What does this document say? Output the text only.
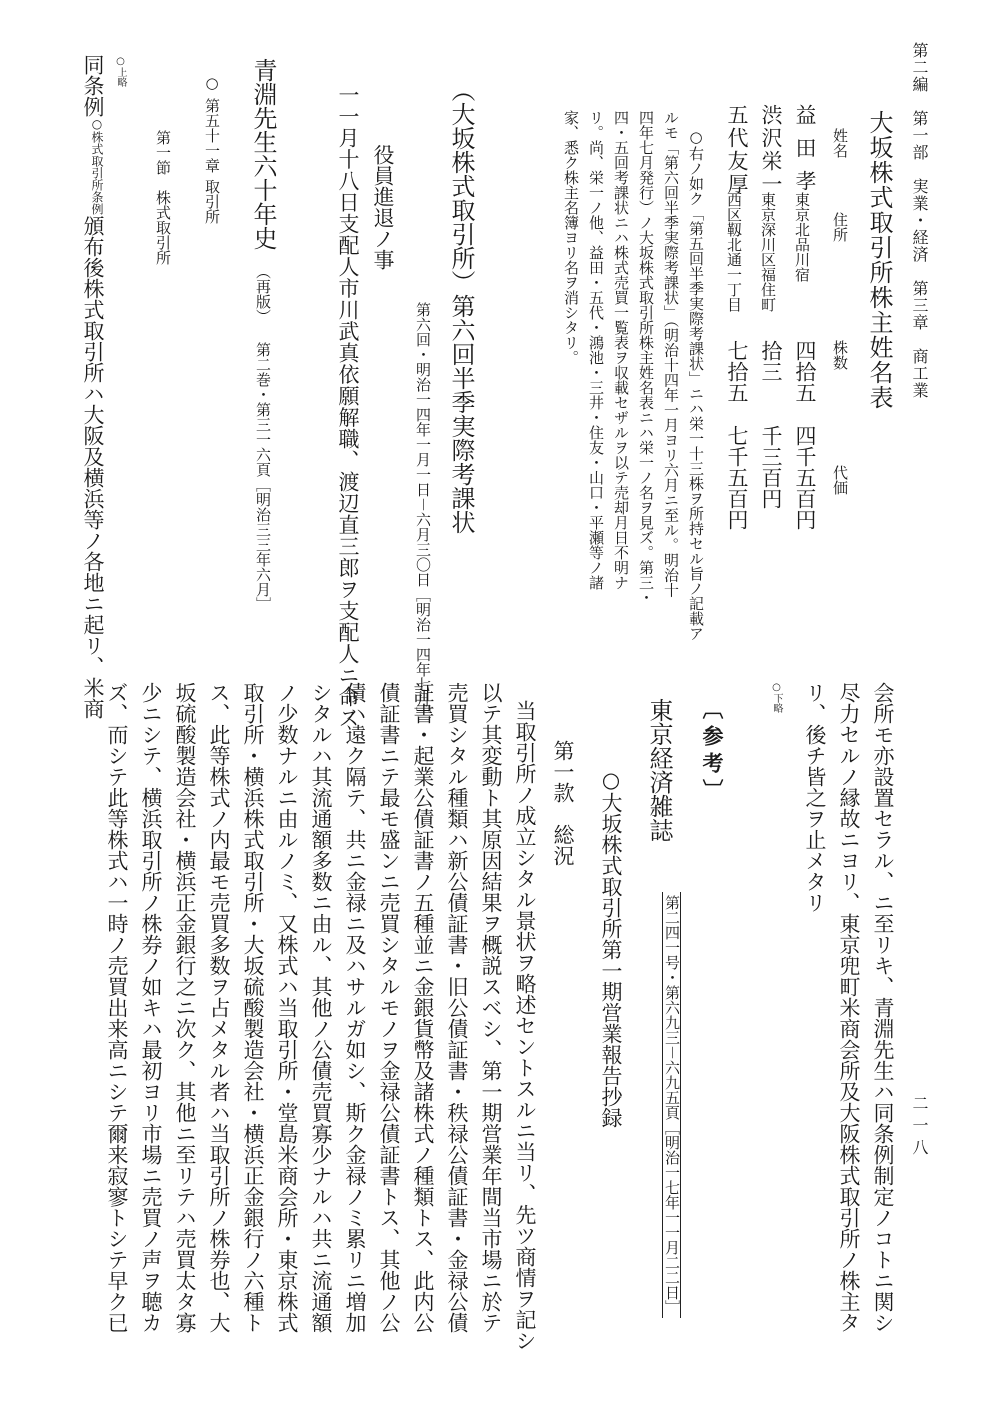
第二編　第一部　実業・経済　第三章　商工業
二一八
大坂株式取引所株主姓名表
姓名
住所
株数
代価
益田孝
東京北品川宿
四拾五
四千五百円
渋沢栄一
東京深川区福住町
拾三
千三百円
五代友厚
西区靱北通一丁目
七拾五
七千五百円
○右ノ如ク「第五回半季実際考課状」ニハ栄一十三株ヲ所持セル旨ノ記載ア
ルモ「第六回半季実際考課状」（明治十四年一月ヨリ六月ニ至ル。明治十
四年七月発行）ノ大坂株式取引所株主姓名表ニハ栄一ノ名ヲ見ズ。第三・
四・五回考課状ニハ株式売買一覧表ヲ収載セザルヲ以テ売却月日不明ナ
リ。尚、栄一ノ他、益田・五代・鴻池・三井・住友・山口・平瀬等ノ諸
家、悉ク株主名簿ヨリ名ヲ消シタリ。
（大坂株式取引所）第六回半季実際考課状
第六回・明治一四年一月一日－六月三〇日［明治一四年七月］
役員進退ノ事
一一月十八日支配人市川武真依願解職、渡辺直三郎ヲ支配人ニ命ス
青淵先生六十年史（再版）第二巻・第三一六頁［明治三三年六月］
○第五十一章取引所
第一節　株式取引所
○上略
同条例○株式取引所条例頒布後株式取引所ハ大阪及横浜等ノ各地ニ起リ、米商
会所モ亦設置セラル、ニ至リキ、青淵先生ハ同条例制定ノコトニ関シ
尽力セルノ縁故ニヨリ、東京兜町米商会所及大阪株式取引所ノ株主タ
リ、後チ皆之ヲ止メタリ
○下略
〔参考〕
東京経済雑誌
第二四一号・第六九三－六九五頁［明治一七年一一月二二日］
○大坂株式取引所第一期営業報告抄録
第一款　総況
当取引所ノ成立シタル景状ヲ略述セントスルニ当リ、先ツ商情ヲ記シ
以テ其変動ト其原因結果ヲ概説スベシ、第一期営業年間当市場ニ於テ
売買シタル種類ハ新公債証書・旧公債証書・秩禄公債証書・金禄公債
証書・起業公債証書ノ五種並ニ金銀貨幣及諸株式ノ種類トス、此内公
債証書ニテ最モ盛ンニ売買シタルモノヲ金禄公債証書トス、其他ノ公
債ハ遠ク隔テ、共ニ金禄ニ及ハサルガ如シ、斯ク金禄ノミ累リニ増加
シタルハ其流通額多数ニ由ル、其他ノ公債売買寡少ナルハ共ニ流通額
ノ少数ナルニ由ルノミ、又株式ハ当取引所・堂島米商会所・東京株式
取引所・横浜株式取引所・大坂硫酸製造会社・横浜正金銀行ノ六種ト
ス、此等株式ノ内最モ売買多数ヲ占メタル者ハ当取引所ノ株券也、大
坂硫酸製造会社・横浜正金銀行之ニ次ク、其他ニ至リテハ売買太タ寡
少ニシテ、横浜取引所ノ株券ノ如キハ最初ヨリ市場ニ売買ノ声ヲ聴カ
ズ、而シテ此等株式ハ一時ノ売買出来高ニシテ爾来寂寥トシテ早ク已
